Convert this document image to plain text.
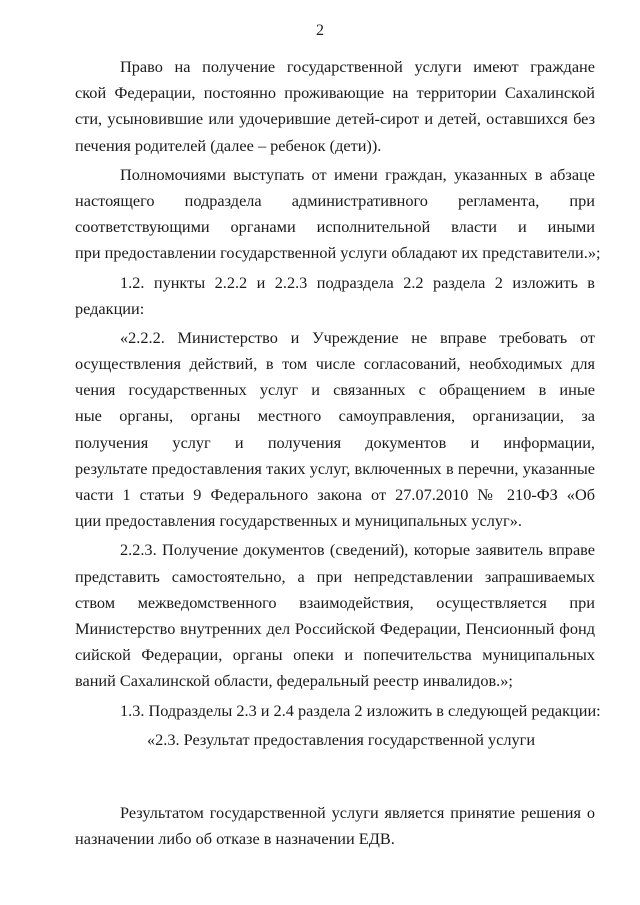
2
Право на получение государственной услуги имеют граждане
ской Федерации, постоянно проживающие на территории Сахалинской
сти, усыновившие или удочерившие детей-сирот и детей, оставшихся без
печения родителей (далее – ребенок (дети)).
Полномочиями выступать от имени граждан, указанных в абзаце
настоящего подраздела административного регламента, при
соответствующими органами исполнительной власти и иными
при предоставлении государственной услуги обладают их представители.»;
1.2. пункты 2.2.2 и 2.2.3 подраздела 2.2 раздела 2 изложить в
редакции:
«2.2.2. Министерство и Учреждение не вправе требовать от
осуществления действий, в том числе согласований, необходимых для
чения государственных услуг и связанных с обращением в иные
ные органы, органы местного самоуправления, организации, за
получения услуг и получения документов и информации,
результате предоставления таких услуг, включенных в перечни, указанные
части 1 статьи 9 Федерального закона от 27.07.2010 № 210-ФЗ «Об
ции предоставления государственных и муниципальных услуг».
2.2.3. Получение документов (сведений), которые заявитель вправе
представить самостоятельно, а при непредставлении запрашиваемых
ством межведомственного взаимодействия, осуществляется при
Министерство внутренних дел Российской Федерации, Пенсионный фонд
сийской Федерации, органы опеки и попечительства муниципальных
ваний Сахалинской области, федеральный реестр инвалидов.»;
1.3. Подразделы 2.3 и 2.4 раздела 2 изложить в следующей редакции:
«2.3. Результат предоставления государственной услуги
Результатом государственной услуги является принятие решения о
назначении либо об отказе в назначении ЕДВ.
